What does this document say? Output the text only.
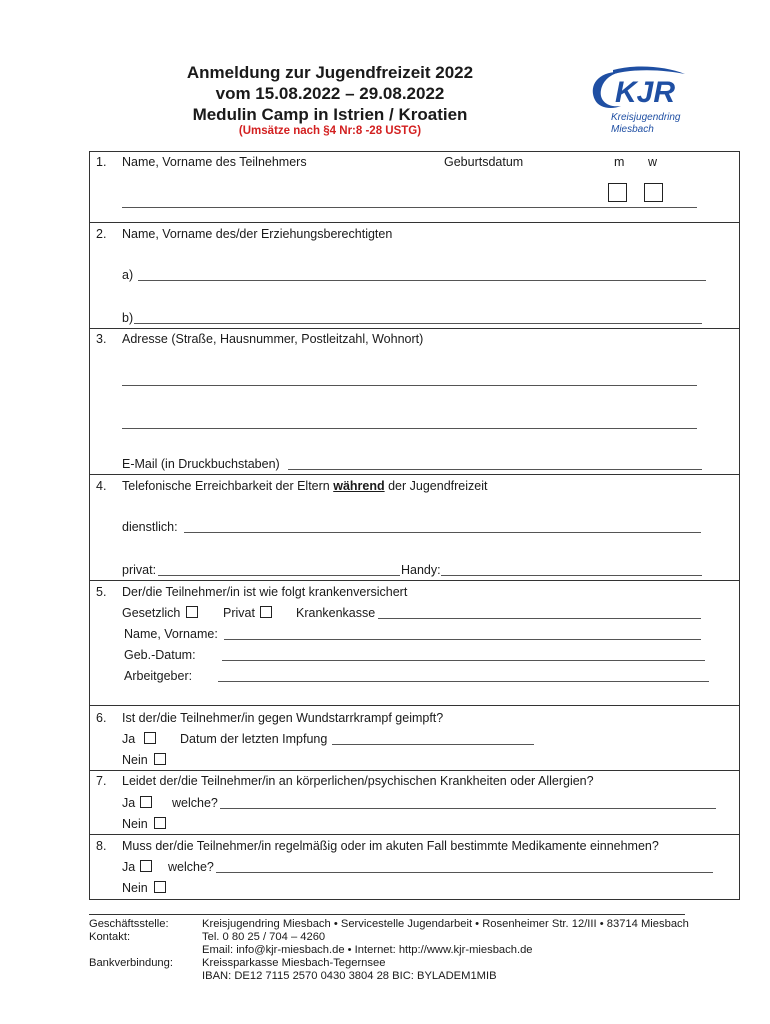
Anmeldung zur Jugendfreizeit 2022
vom 15.08.2022 – 29.08.2022
Medulin Camp in Istrien / Kroatien
(Umsätze nach §4 Nr:8 -28 USTG)
KJR
Kreisjugendring
Miesbach
1. Name, Vorname des Teilnehmers	Geburtsdatum	m w
2. Name, Vorname des/der Erziehungsberechtigten
a)
b)
3. Adresse (Straße, Hausnummer, Postleitzahl, Wohnort)
E-Mail (in Druckbuchstaben)
4. Telefonische Erreichbarkeit der Eltern während der Jugendfreizeit
dienstlich:
privat:	Handy:
5. Der/die Teilnehmer/in ist wie folgt krankenversichert
Gesetzlich	Privat	Krankenkasse
Name, Vorname:
Geb.-Datum:
Arbeitgeber:
6. Ist der/die Teilnehmer/in gegen Wundstarrkrampf geimpft?
Ja	Datum der letzten Impfung
Nein
7. Leidet der/die Teilnehmer/in an körperlichen/psychischen Krankheiten oder Allergien?
Ja	welche?
Nein
8. Muss der/die Teilnehmer/in regelmäßig oder im akuten Fall bestimmte Medikamente einnehmen?
Ja	welche?
Nein
Geschäftsstelle:	Kreisjugendring Miesbach • Servicestelle Jugendarbeit • Rosenheimer Str. 12/III • 83714 Miesbach
Kontakt:	Tel. 0 80 25 / 704 – 4260
Email: info@kjr-miesbach.de • Internet: http://www.kjr-miesbach.de
Bankverbindung:	Kreissparkasse Miesbach-Tegernsee
IBAN: DE12 7115 2570 0430 3804 28 BIC: BYLADEM1MIB
